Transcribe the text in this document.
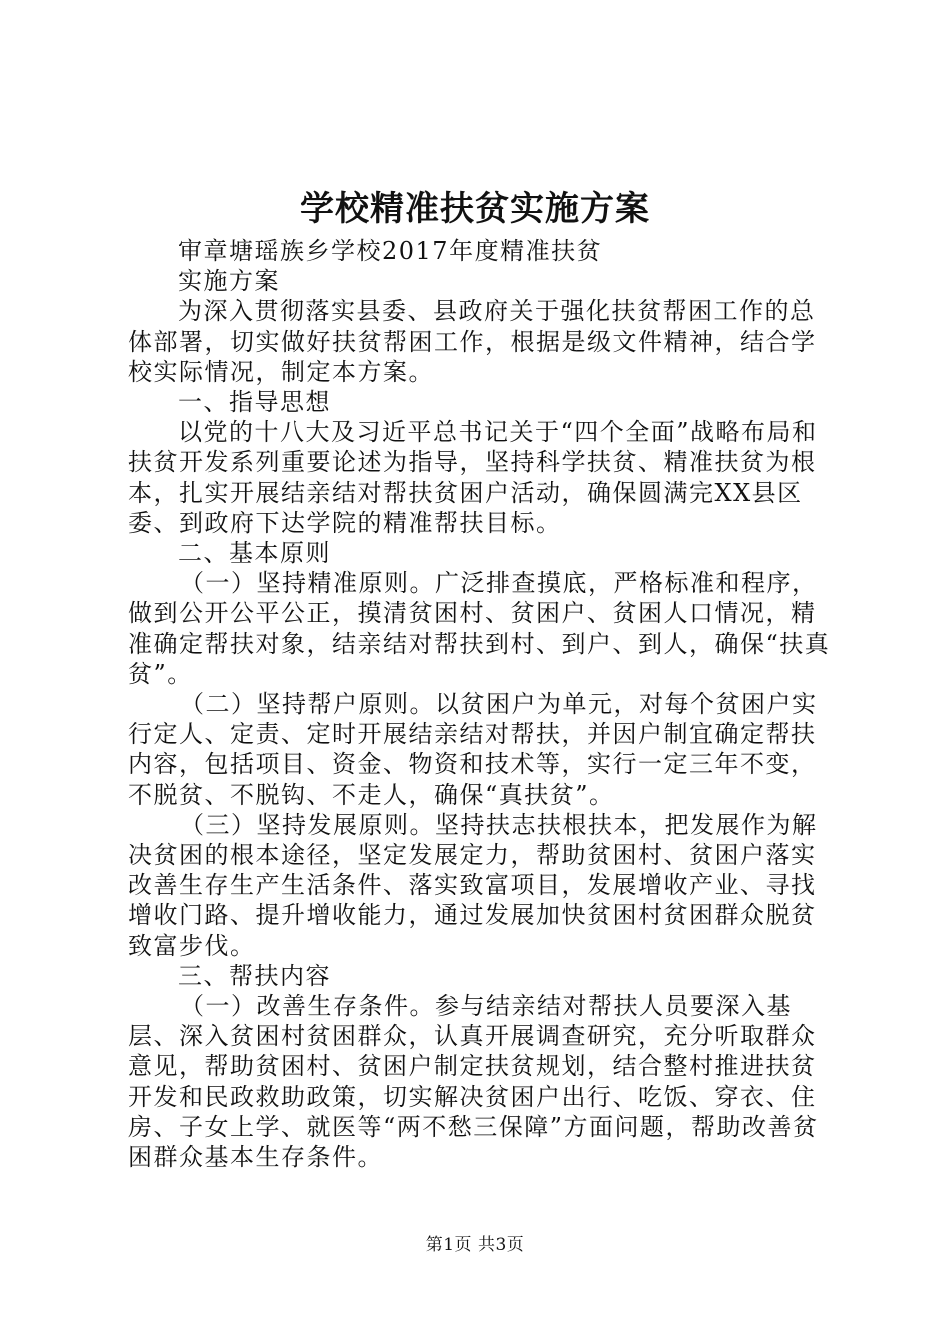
学校精准扶贫实施方案

审章塘瑶族乡学校2017年度精准扶贫

实施方案

为深入贯彻落实县委、县政府关于强化扶贫帮困工作的总体部署，切实做好扶贫帮困工作，根据是级文件精神，结合学校实际情况，制定本方案。

一、指导思想

以党的十八大及习近平总书记关于“四个全面”战略布局和扶贫开发系列重要论述为指导，坚持科学扶贫、精准扶贫为根本，扎实开展结亲结对帮扶贫困户活动，确保圆满完XX县区委、到政府下达学院的精准帮扶目标。

二、基本原则

（一）坚持精准原则。广泛排查摸底，严格标准和程序，做到公开公平公正，摸清贫困村、贫困户、贫困人口情况，精准确定帮扶对象，结亲结对帮扶到村、到户、到人，确保“扶真贫”。

（二）坚持帮户原则。以贫困户为单元，对每个贫困户实行定人、定责、定时开展结亲结对帮扶，并因户制宜确定帮扶内容，包括项目、资金、物资和技术等，实行一定三年不变，不脱贫、不脱钩、不走人，确保“真扶贫”。

（三）坚持发展原则。坚持扶志扶根扶本，把发展作为解决贫困的根本途径，坚定发展定力，帮助贫困村、贫困户落实改善生存生产生活条件、落实致富项目，发展增收产业、寻找增收门路、提升增收能力，通过发展加快贫困村贫困群众脱贫致富步伐。

三、帮扶内容

（一）改善生存条件。参与结亲结对帮扶人员要深入基层、深入贫困村贫困群众，认真开展调查研究，充分听取群众意见，帮助贫困村、贫困户制定扶贫规划，结合整村推进扶贫开发和民政救助政策，切实解决贫困户出行、吃饭、穿衣、住房、子女上学、就医等“两不愁三保障”方面问题，帮助改善贫困群众基本生存条件。

第1页 共3页
